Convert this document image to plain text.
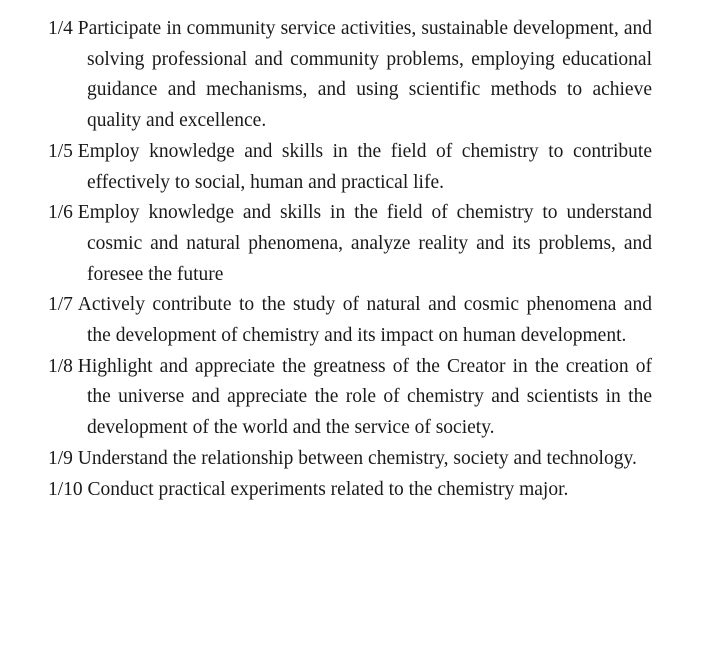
1/4 Participate in community service activities, sustainable development, and solving professional and community problems, employing educational guidance and mechanisms, and using scientific methods to achieve quality and excellence.

1/5 Employ knowledge and skills in the field of chemistry to contribute effectively to social, human and practical life.

1/6 Employ knowledge and skills in the field of chemistry to understand cosmic and natural phenomena, analyze reality and its problems, and foresee the future

1/7 Actively contribute to the study of natural and cosmic phenomena and the development of chemistry and its impact on human development.

1/8 Highlight and appreciate the greatness of the Creator in the creation of the universe and appreciate the role of chemistry and scientists in the development of the world and the service of society.

1/9 Understand the relationship between chemistry, society and technology.

1/10 Conduct practical experiments related to the chemistry major.
